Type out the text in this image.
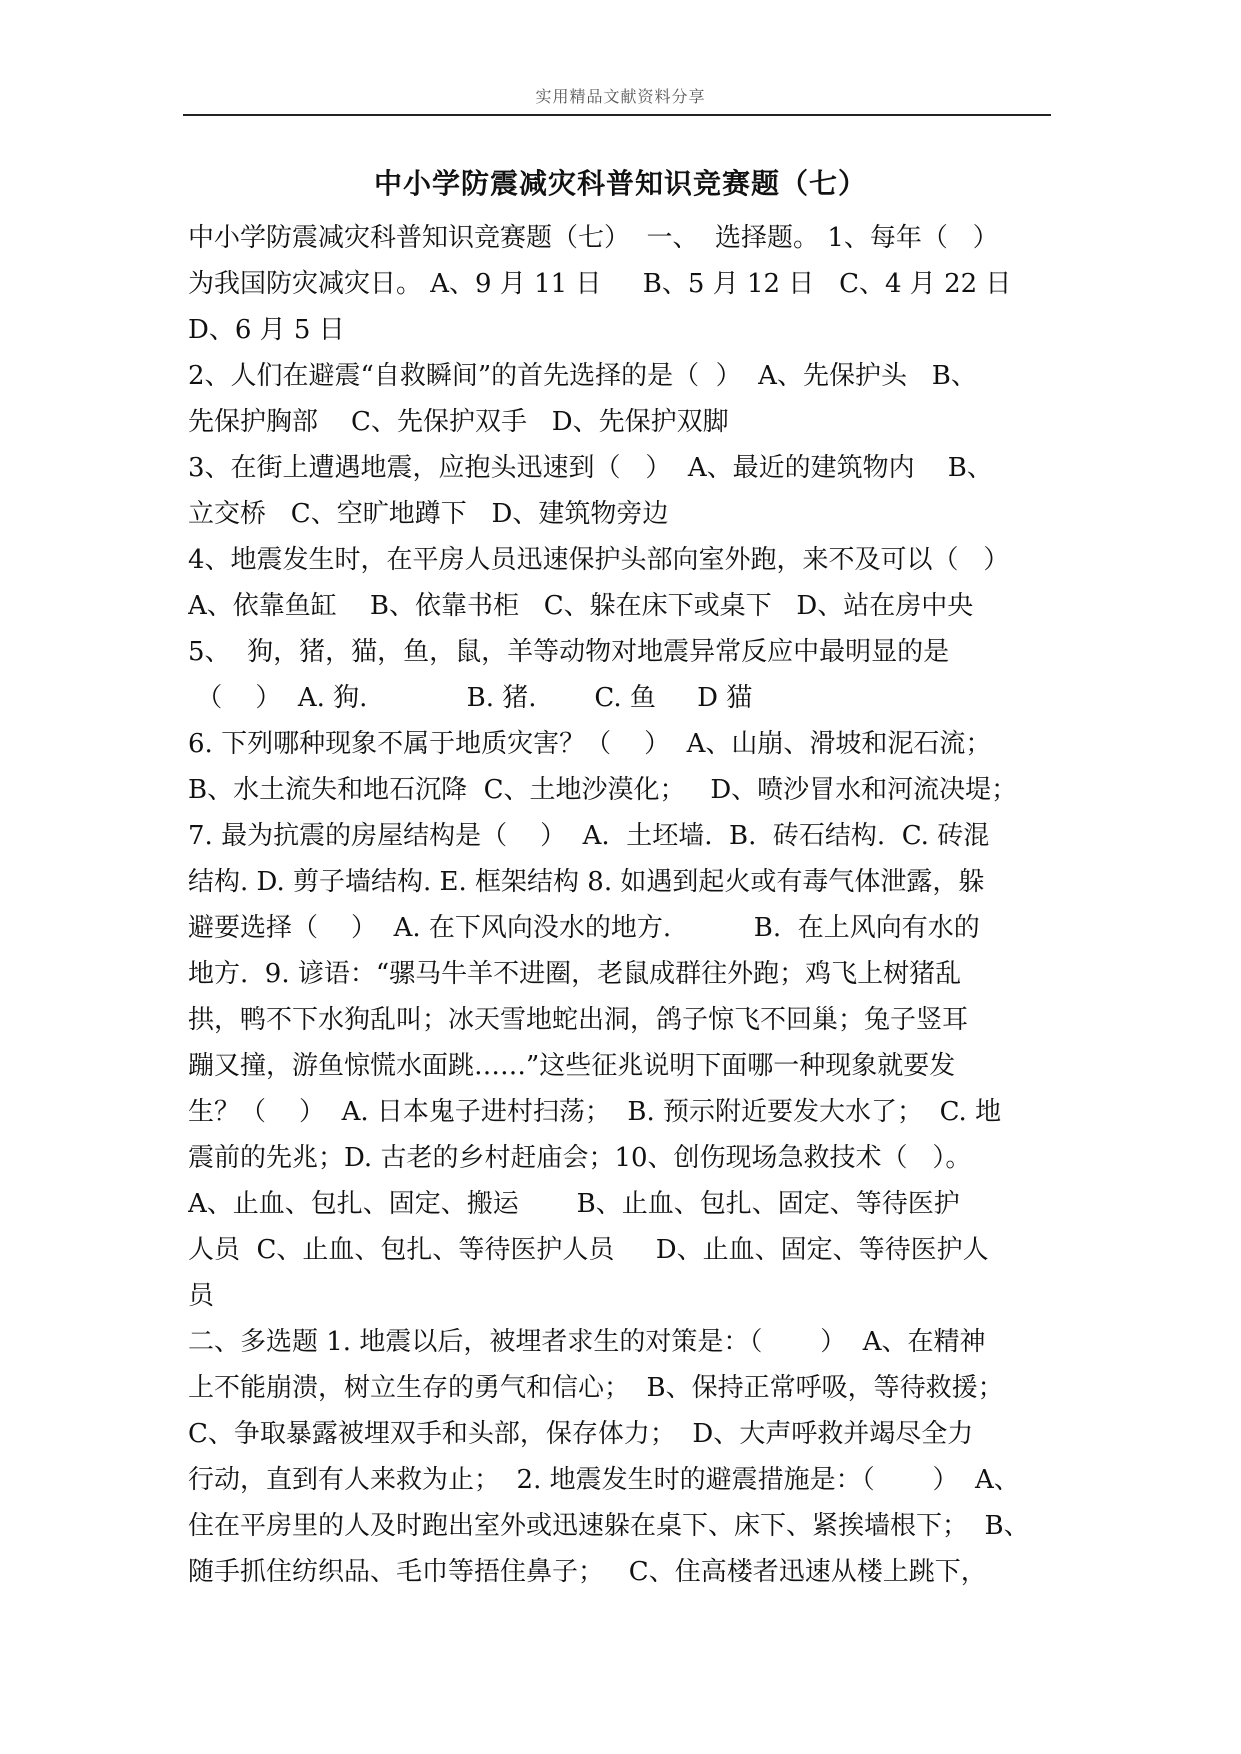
实用精品文献资料分享
中小学防震减灾科普知识竞赛题（七）
中小学防震减灾科普知识竞赛题（七）  一、  选择题。 1、每年（   ）
为我国防灾减灾日。 A、9 月 11 日     B、5 月 12 日   C、4 月 22 日
D、6 月 5 日
2、人们在避震“自救瞬间”的首先选择的是（  ）  A、先保护头   B、
先保护胸部    C、先保护双手   D、先保护双脚
3、在街上遭遇地震，应抱头迅速到（   ）  A、最近的建筑物内    B、
立交桥   C、空旷地蹲下   D、建筑物旁边
4、地震发生时，在平房人员迅速保护头部向室外跑，来不及可以（   ）
A、依靠鱼缸    B、依靠书柜   C、躲在床下或桌下   D、站在房中央
5、  狗，猪，猫，鱼，鼠，羊等动物对地震异常反应中最明显的是
（    ）  A. 狗.            B. 猪.       C. 鱼     D 猫
6. 下列哪种现象不属于地质灾害？（    ）  A、山崩、滑坡和泥石流；
B、水土流失和地石沉降  C、土地沙漠化；   D、喷沙冒水和河流决堤；
7. 最为抗震的房屋结构是（    ）  A.  土坯墙.  B.  砖石结构.  C. 砖混
结构. D. 剪子墙结构. E. 框架结构 8. 如遇到起火或有毒气体泄露，躲
避要选择（    ）  A. 在下风向没水的地方.          B.  在上风向有水的
地方.  9. 谚语：“骡马牛羊不进圈，老鼠成群往外跑；鸡飞上树猪乱
拱，鸭不下水狗乱叫；冰天雪地蛇出洞，鸽子惊飞不回巢；兔子竖耳
蹦又撞，游鱼惊慌水面跳……”这些征兆说明下面哪一种现象就要发
生？（    ）  A. 日本鬼子进村扫荡；  B. 预示附近要发大水了；  C. 地
震前的先兆；D. 古老的乡村赶庙会；10、创伤现场急救技术（   ）。
A、止血、包扎、固定、搬运       B、止血、包扎、固定、等待医护
人员  C、止血、包扎、等待医护人员     D、止血、固定、等待医护人
员
二、多选题 1. 地震以后，被埋者求生的对策是：（       ）  A、在精神
上不能崩溃，树立生存的勇气和信心；  B、保持正常呼吸，等待救援；
C、争取暴露被埋双手和头部，保存体力；  D、大声呼救并竭尽全力
行动，直到有人来救为止；  2. 地震发生时的避震措施是：（       ）  A、
住在平房里的人及时跑出室外或迅速躲在桌下、床下、紧挨墙根下；  B、
随手抓住纺织品、毛巾等捂住鼻子；   C、住高楼者迅速从楼上跳下，
